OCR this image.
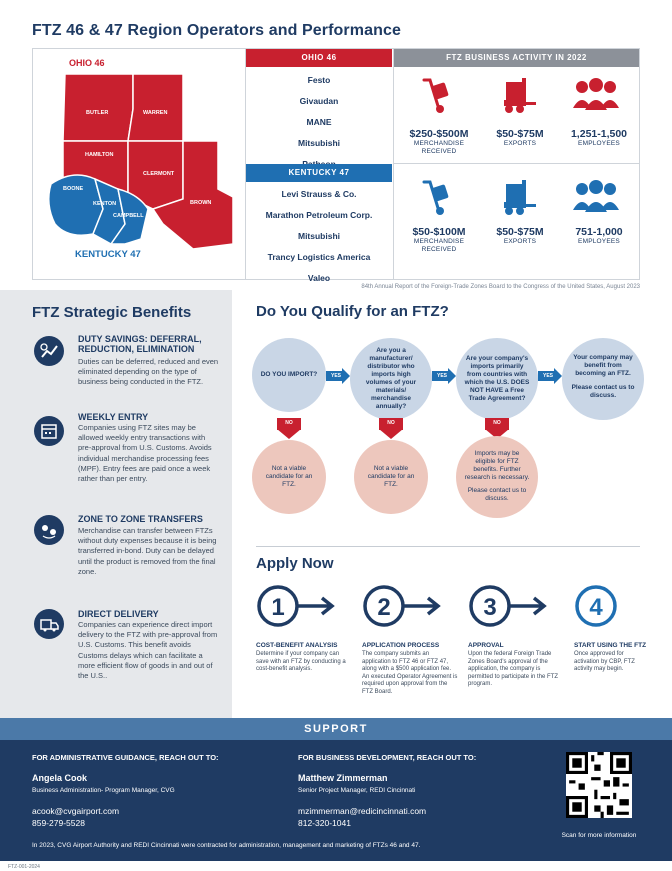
FTZ 46 & 47 Region Operators and Performance
OHIO 46
BUTLER	WARREN
HAMILTON
CLERMONT
BROWN
BOONE
KENTON
CAMPBELL
KENTUCKY 47
OHIO 46
Festo
Givaudan
MANE
Mitsubishi
KENTUCKY 47
Levi Strauss & Co.
Marathon Petroleum Corp.
Mitsubishi
Trancy Logistics America
Valeo
FTZ BUSINESS ACTIVITY IN 2022
$250-$500M
MERCHANDISE RECEIVED
$50-$75M
EXPORTS
1,251-1,500
EMPLOYEES
$50-$100M
MERCHANDISE RECEIVED
$50-$75M
EXPORTS
751-1,000
EMPLOYEES
84th Annual Report of the Foreign-Trade Zones Board to the Congress of the United States, August 2023
FTZ Strategic Benefits
DUTY SAVINGS: DEFERRAL, REDUCTION, ELIMINATION
Duties can be deferred, reduced and even eliminated depending on the type of business being conducted in the FTZ.
WEEKLY ENTRY
Companies using FTZ sites may be allowed weekly entry transactions with pre-approval from U.S. Customs. Avoids individual merchandise processing fees (MPF). Entry fees are paid once a week rather than per entry.
ZONE TO ZONE TRANSFERS
Merchandise can transfer between FTZs without duty expenses because it is being transferred in-bond. Duty can be delayed until the product is removed from the final zone.
DIRECT DELIVERY
Companies can experience direct import delivery to the FTZ with pre-approval from U.S. Customs. This benefit avoids Customs delays which can facilitate a more efficient flow of goods in and out of the U.S..
Do You Qualify for an FTZ?
DO YOU IMPORT?
Are you a manufacturer/ distributor who imports high volumes of your materials/ merchandise annually?
Are your company's imports primarily from countries with which the U.S. DOES NOT HAVE a Free Trade Agreement?
Your company may benefit from becoming an FTZ.
Please contact us to discuss.
YES	YES	YES
NO	NO	NO
Not a viable candidate for an FTZ.
Not a viable candidate for an FTZ.
Imports may be eligible for FTZ benefits. Further research is necessary.
Please contact us to discuss.
Apply Now
1	2	3	4
COST-BENEFIT ANALYSIS
Determine if your company can save with an FTZ by conducting a cost-benefit analysis.
APPLICATION PROCESS
The company submits an application to FTZ 46 or FTZ 47, along with a $500 application fee. An executed Operator Agreement is required upon approval from the FTZ Board.
APPROVAL
Upon the federal Foreign Trade Zones Board's approval of the application, the company is permitted to participate in the FTZ program.
START USING THE FTZ
Once approved for activation by CBP, FTZ activity may begin.
SUPPORT
FOR ADMINISTRATIVE GUIDANCE, REACH OUT TO:
Angela Cook
Business Administration- Program Manager, CVG
acook@cvgairport.com
859-279-5528
FOR BUSINESS DEVELOPMENT, REACH OUT TO:
Matthew Zimmerman
Senior Project Manager, REDI Cincinnati
mzimmerman@redicincinnati.com
812-320-1041
In 2023, CVG Airport Authority and REDI Cincinnati were contracted for administration, management and marketing of FTZs 46 and 47.
Scan for more information
FTZ-001-2024
